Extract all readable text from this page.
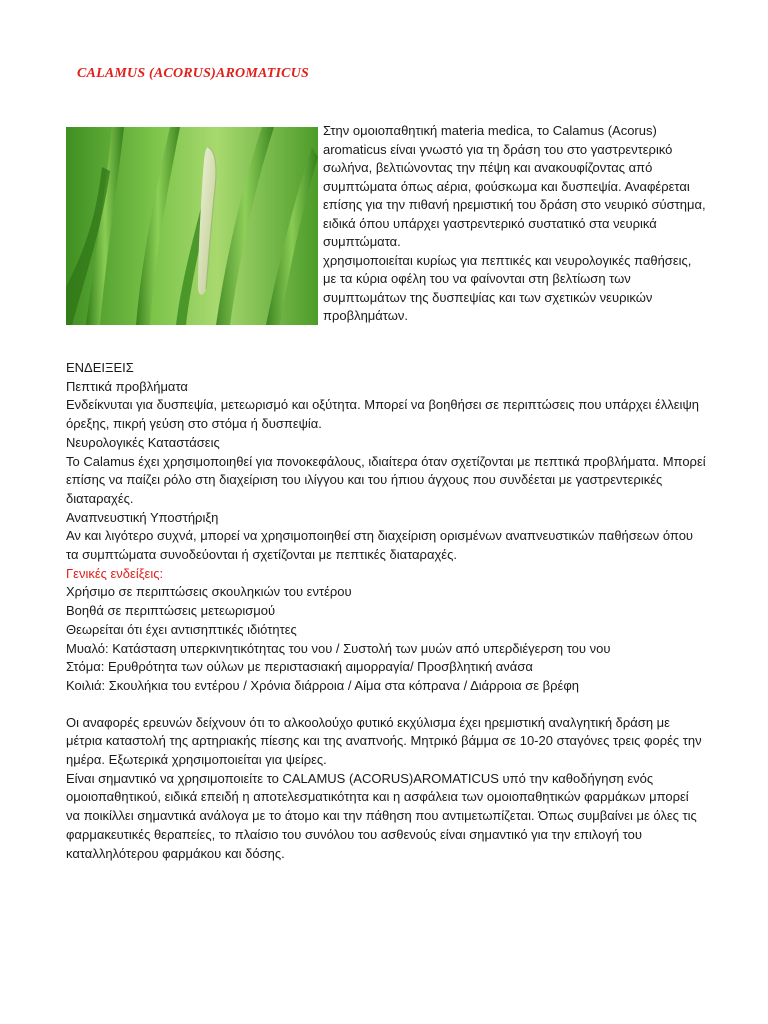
CALAMUS (ACORUS)AROMATICUS

Στην ομοιοπαθητική materia medica, το Calamus (Acorus) aromaticus είναι γνωστό για τη δράση του στο γαστρεντερικό σωλήνα, βελτιώνοντας την πέψη και ανακουφίζοντας από συμπτώματα όπως αέρια, φούσκωμα και δυσπεψία. Αναφέρεται επίσης για την πιθανή ηρεμιστική του δράση στο νευρικό σύστημα, ειδικά όπου υπάρχει γαστρεντερικό συστατικό στα νευρικά συμπτώματα.

χρησιμοποιείται κυρίως για πεπτικές και νευρολογικές παθήσεις, με τα κύρια οφέλη του να φαίνονται στη βελτίωση των συμπτωμάτων της δυσπεψίας και των σχετικών νευρικών προβλημάτων.

ΕΝΔΕΙΞΕΙΣ

Πεπτικά προβλήματα

Ενδείκνυται για δυσπεψία, μετεωρισμό και οξύτητα. Μπορεί να βοηθήσει σε περιπτώσεις που υπάρχει έλλειψη όρεξης, πικρή γεύση στο στόμα ή δυσπεψία.

Νευρολογικές Καταστάσεις

Το Calamus έχει χρησιμοποιηθεί για πονοκεφάλους, ιδιαίτερα όταν σχετίζονται με πεπτικά προβλήματα. Μπορεί επίσης να παίζει ρόλο στη διαχείριση του ιλίγγου και του ήπιου άγχους που συνδέεται με γαστρεντερικές διαταραχές.

Αναπνευστική Υποστήριξη

Αν και λιγότερο συχνά, μπορεί να χρησιμοποιηθεί στη διαχείριση ορισμένων αναπνευστικών παθήσεων όπου τα συμπτώματα συνοδεύονται ή σχετίζονται με πεπτικές διαταραχές.

Γενικές ενδείξεις:

Χρήσιμο σε περιπτώσεις σκουληκιών του εντέρου

Βοηθά σε περιπτώσεις μετεωρισμού

Θεωρείται ότι έχει αντισηπτικές ιδιότητες

Μυαλό: Κατάσταση υπερκινητικότητας του νου / Συστολή των μυών από υπερδιέγερση του νου

Στόμα: Ερυθρότητα των ούλων με περιστασιακή αιμορραγία/ Προσβλητική ανάσα

Κοιλιά: Σκουλήκια του εντέρου / Χρόνια διάρροια / Αίμα στα κόπρανα / Διάρροια σε βρέφη

Οι αναφορές ερευνών δείχνουν ότι το αλκοολούχο φυτικό εκχύλισμα έχει ηρεμιστική αναλγητική δράση με μέτρια καταστολή της αρτηριακής πίεσης και της αναπνοής. Μητρικό βάμμα σε 10-20 σταγόνες τρεις φορές την ημέρα. Εξωτερικά χρησιμοποιείται για ψείρες.

Είναι σημαντικό να χρησιμοποιείτε το CALAMUS (ACORUS)AROMATICUS υπό την καθοδήγηση ενός ομοιοπαθητικού, ειδικά επειδή η αποτελεσματικότητα και η ασφάλεια των ομοιοπαθητικών φαρμάκων μπορεί να ποικίλλει σημαντικά ανάλογα με το άτομο και την πάθηση που αντιμετωπίζεται. Όπως συμβαίνει με όλες τις φαρμακευτικές θεραπείες, το πλαίσιο του συνόλου του ασθενούς είναι σημαντικό για την επιλογή του καταλληλότερου φαρμάκου και δόσης.
